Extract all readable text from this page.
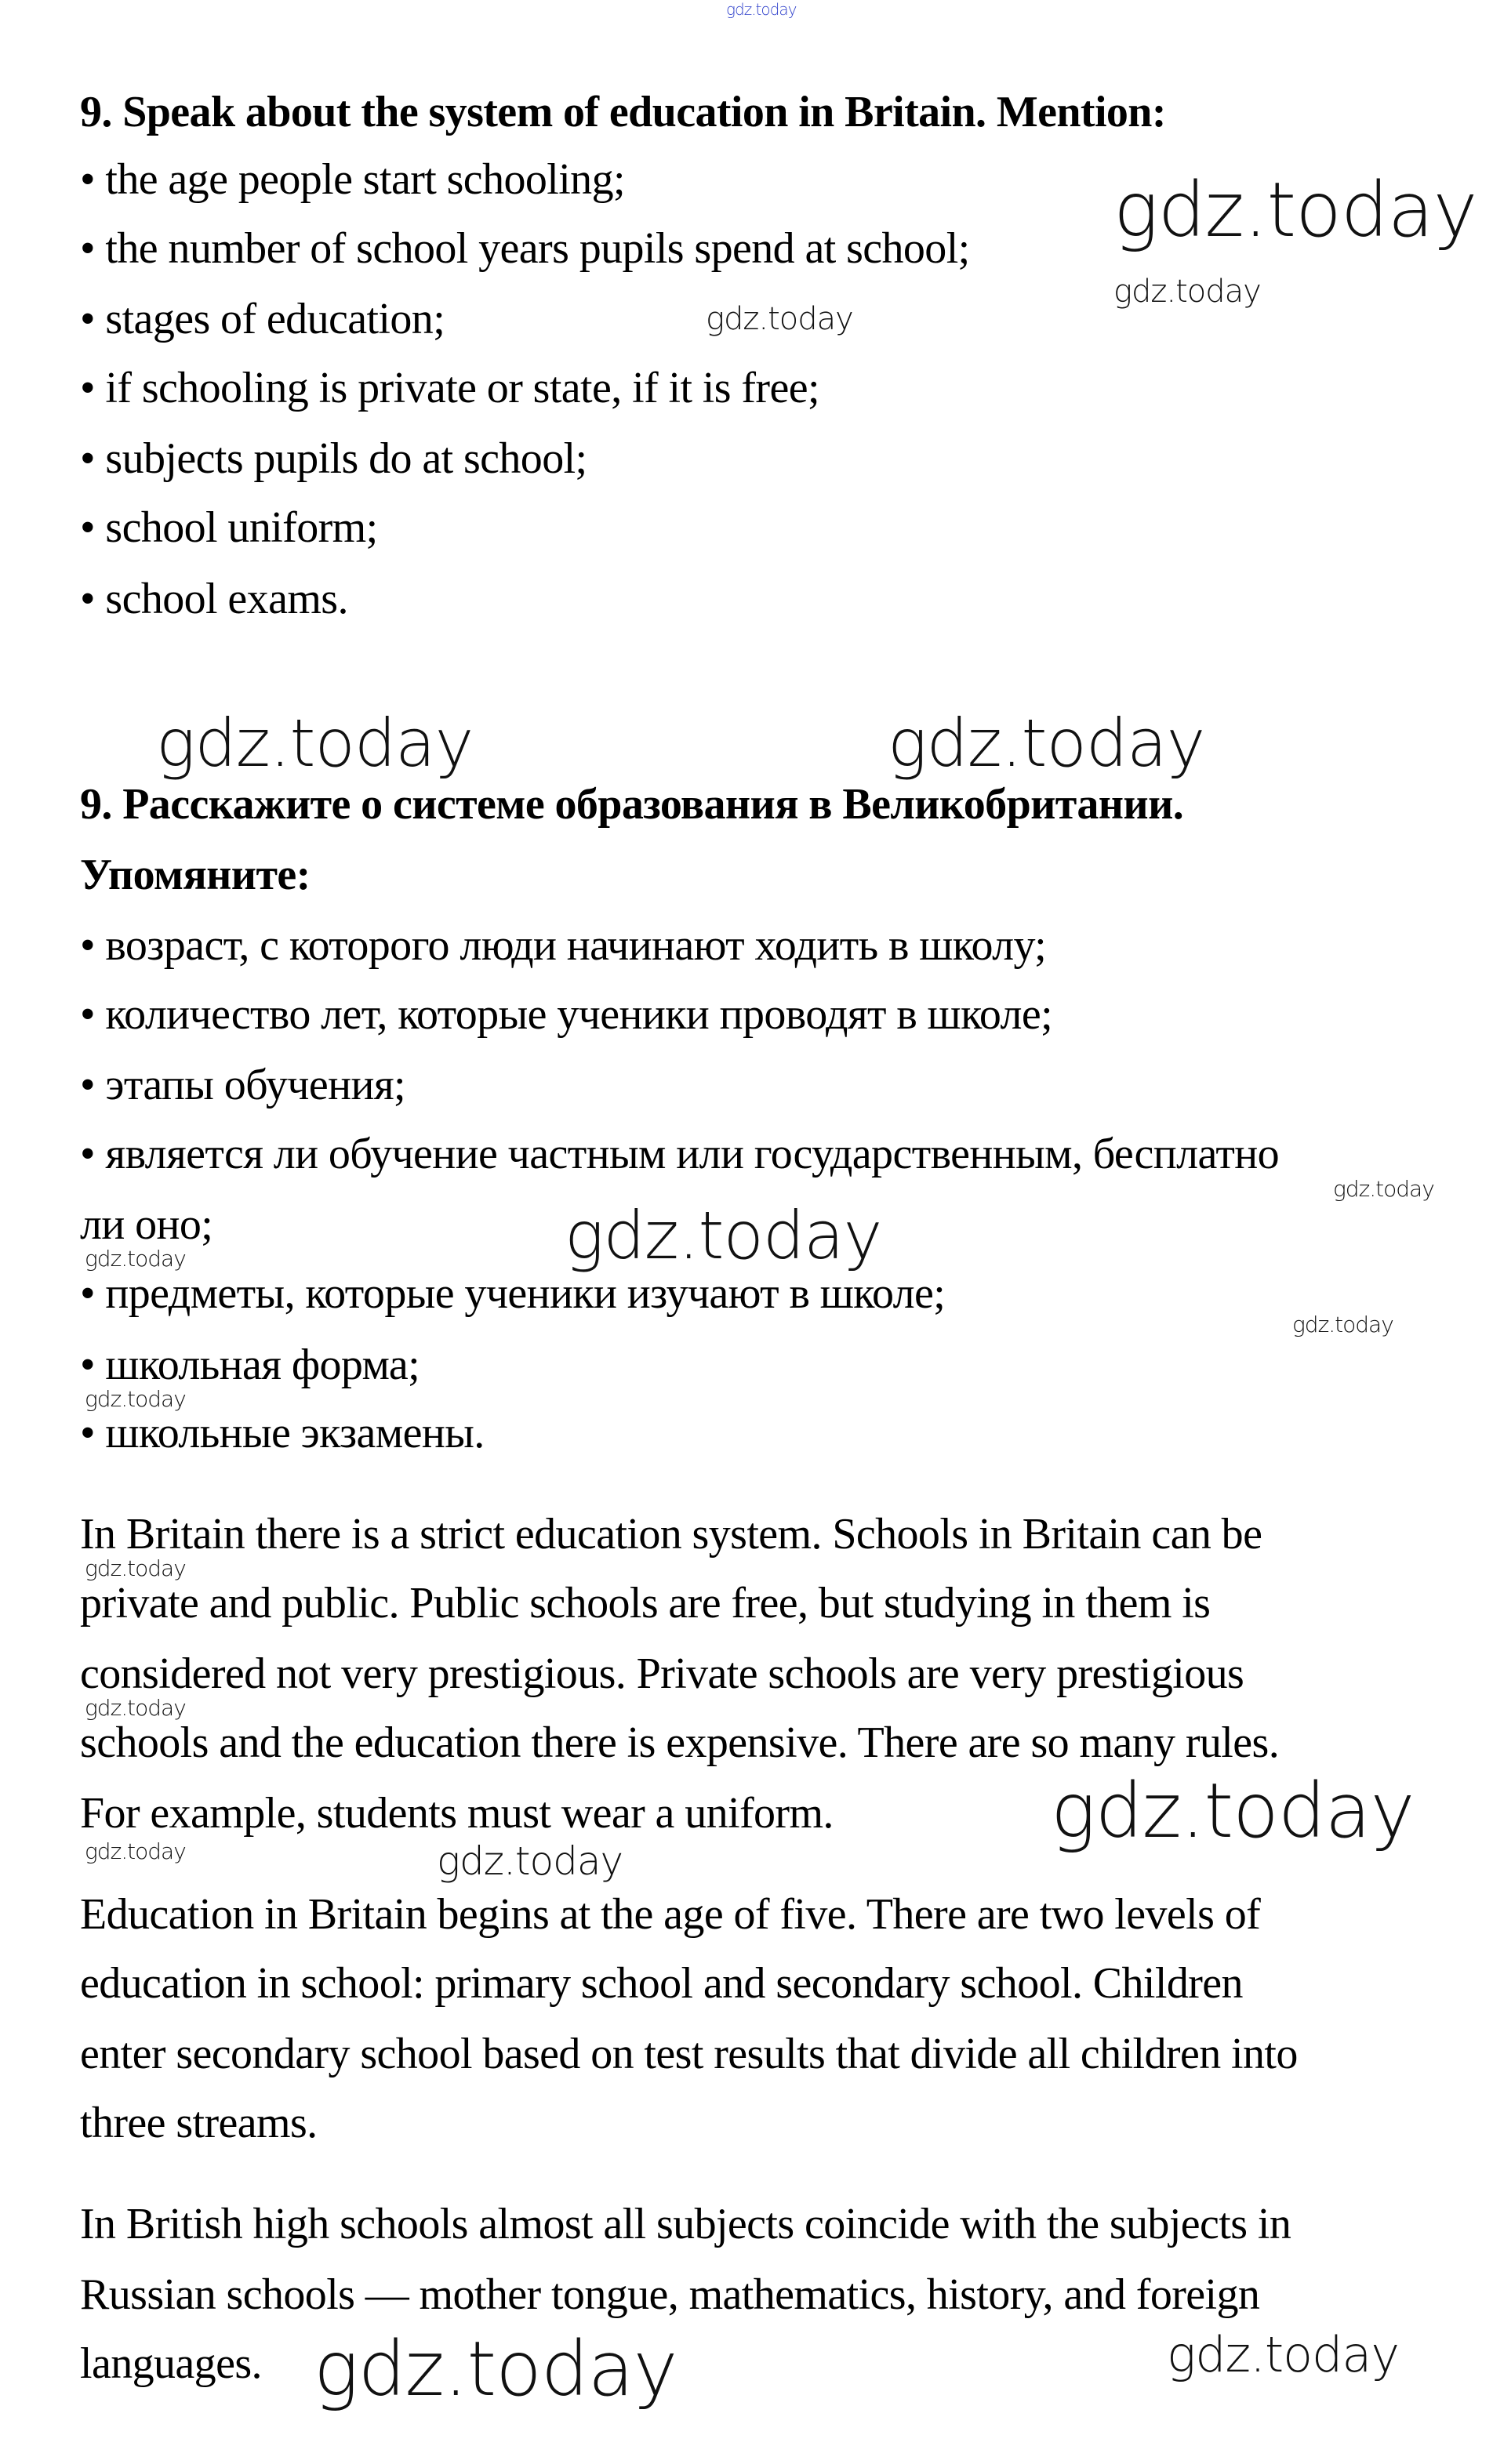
9. Speak about the system of education in Britain. Mention:
• the age people start schooling;
• the number of school years pupils spend at school;
• stages of education;
• if schooling is private or state, if it is free;
• subjects pupils do at school;
• school uniform;
• school exams.
9. Расскажите о системе образования в Великобритании.
Упомяните:
• возраст, с которого люди начинают ходить в школу;
• количество лет, которые ученики проводят в школе;
• этапы обучения;
• является ли обучение частным или государственным, бесплатно
ли оно;
• предметы, которые ученики изучают в школе;
• школьная форма;
• школьные экзамены.
In Britain there is a strict education system. Schools in Britain can be
private and public. Public schools are free, but studying in them is
considered not very prestigious. Private schools are very prestigious
schools and the education there is expensive. There are so many rules.
For example, students must wear a uniform.
Education in Britain begins at the age of five. There are two levels of
education in school: primary school and secondary school. Children
enter secondary school based on test results that divide all children into
three streams.
In British high schools almost all subjects coincide with the subjects in
Russian schools — mother tongue, mathematics, history, and foreign
languages.
gdz.today
gdz.today
gdz.today
gdz.today
gdz.today	gdz.today
gdz.today
gdz.today
gdz.today
gdz.today
gdz.today
gdz.today
gdz.today
gdz.today
gdz.today	gdz.today
gdz.today	gdz.today
